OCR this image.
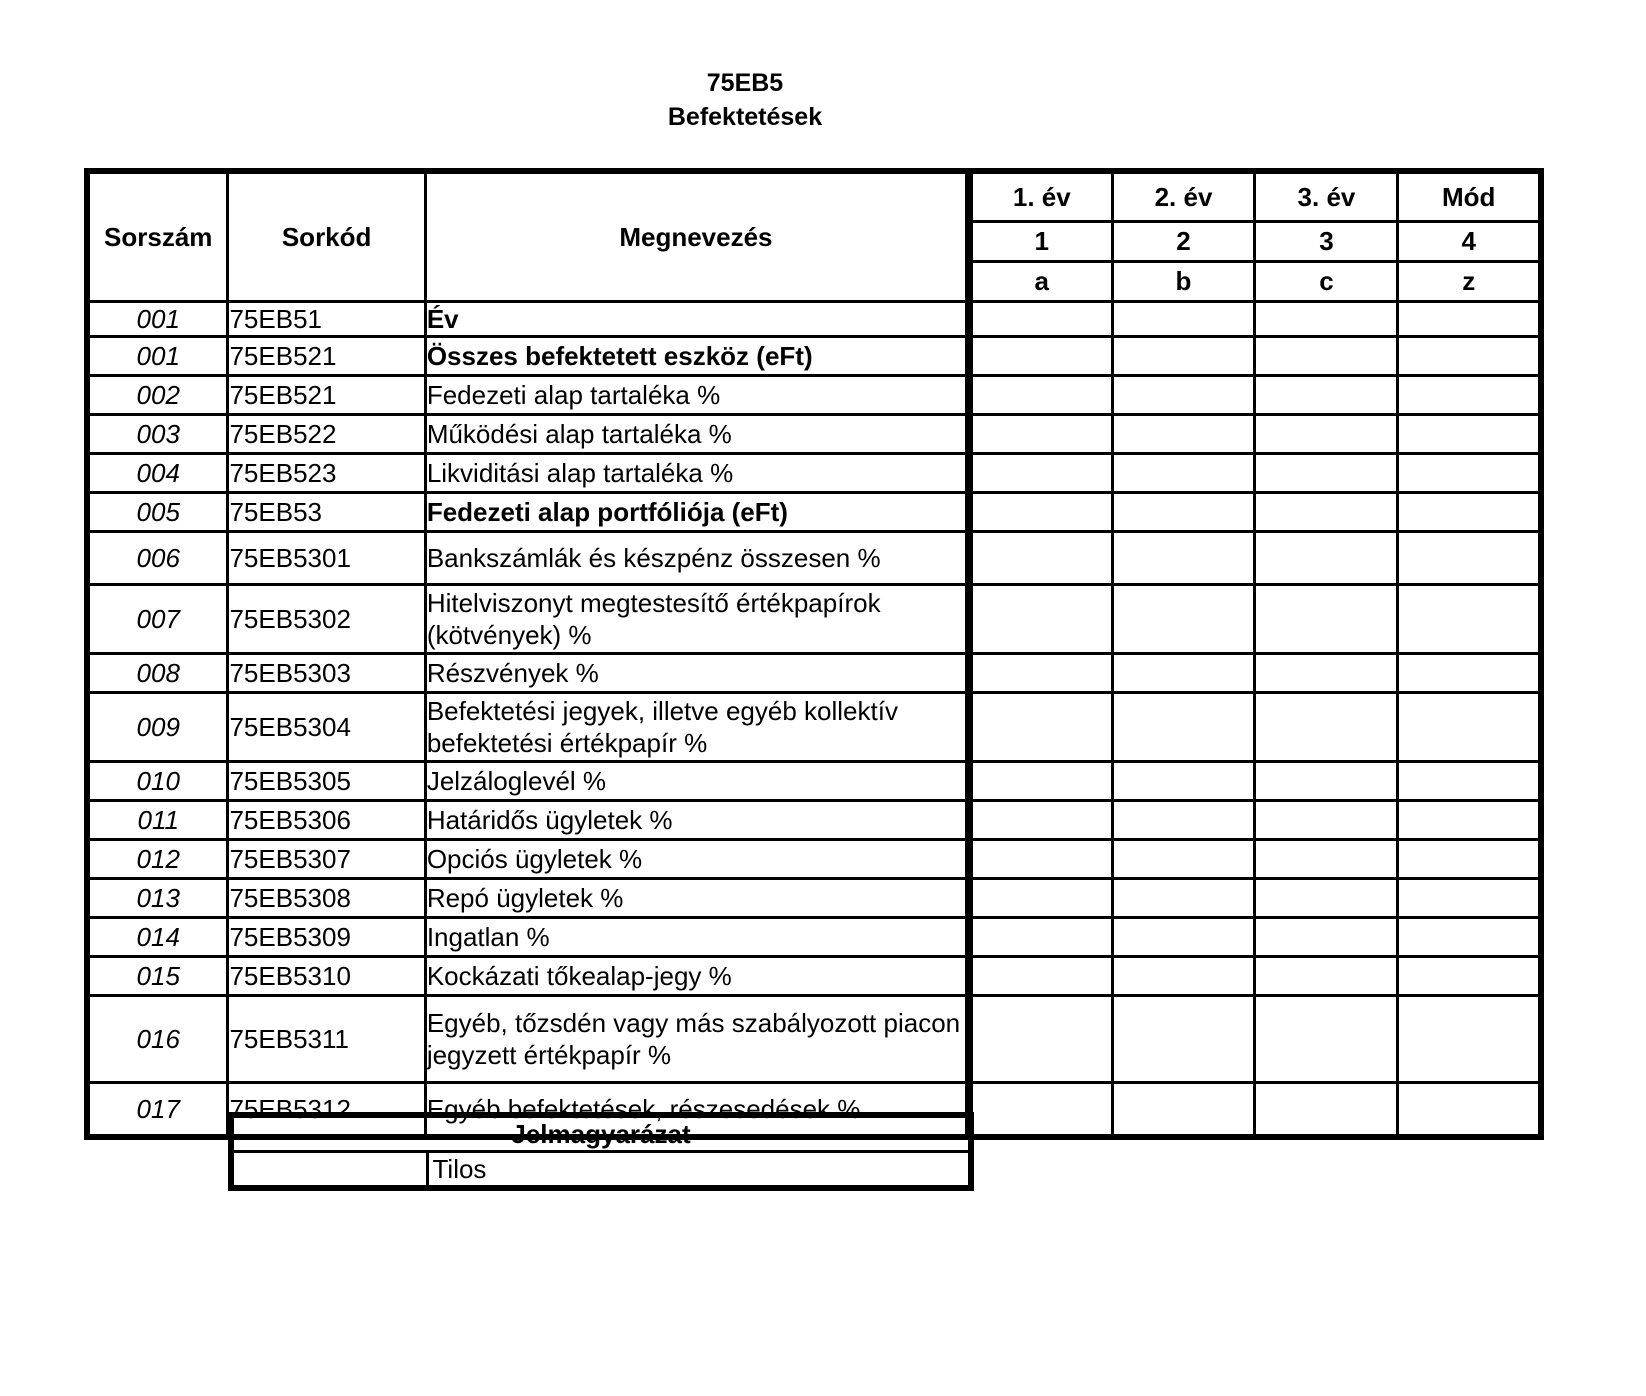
75EB5
Befektetések
Sorszám	Sorkód	Megnevezés	1. év	2. év	3. év	Mód
			1	2	3	4
			a	b	c	z
001	75EB51	Év				
001	75EB521	Összes befektetett eszköz (eFt)				
002	75EB521	Fedezeti alap tartaléka %				
003	75EB522	Működési alap tartaléka %				
004	75EB523	Likviditási alap tartaléka %				
005	75EB53	Fedezeti alap portfóliója (eFt)				
006	75EB5301	Bankszámlák és készpénz összesen %				
007	75EB5302	Hitelviszonyt megtestesítő értékpapírok (kötvények) %				
008	75EB5303	Részvények %				
009	75EB5304	Befektetési jegyek, illetve egyéb kollektív befektetési értékpapír %				
010	75EB5305	Jelzáloglevél %				
011	75EB5306	Határidős ügyletek %				
012	75EB5307	Opciós ügyletek %				
013	75EB5308	Repó ügyletek %				
014	75EB5309	Ingatlan %				
015	75EB5310	Kockázati tőkealap-jegy %				
016	75EB5311	Egyéb, tőzsdén vagy más szabályozott piacon jegyzett értékpapír %				
017	75EB5312	Egyéb befektetések, részesedések %				
Jelmagyarázat
	Tilos
